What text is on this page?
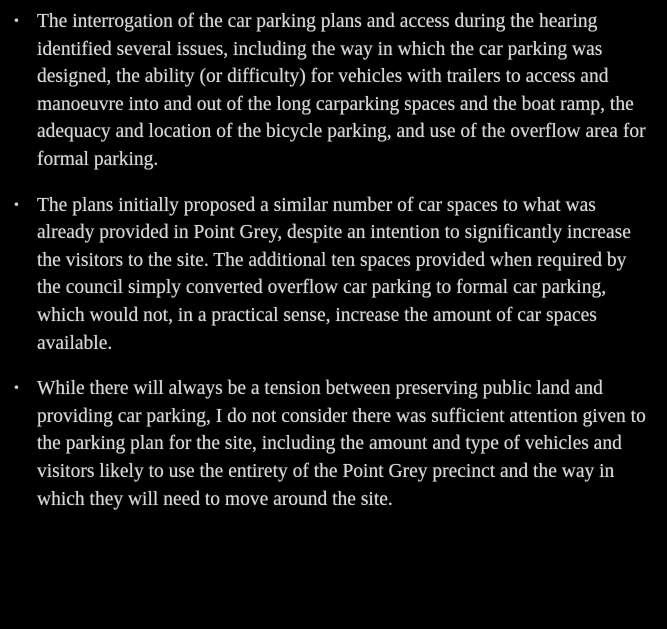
• The interrogation of the car parking plans and access during the hearing identified several issues, including the way in which the car parking was designed, the ability (or difficulty) for vehicles with trailers to access and manoeuvre into and out of the long carparking spaces and the boat ramp, the adequacy and location of the bicycle parking, and use of the overflow area for formal parking.
• The plans initially proposed a similar number of car spaces to what was already provided in Point Grey, despite an intention to significantly increase the visitors to the site. The additional ten spaces provided when required by the council simply converted overflow car parking to formal car parking, which would not, in a practical sense, increase the amount of car spaces available.
• While there will always be a tension between preserving public land and providing car parking, I do not consider there was sufficient attention given to the parking plan for the site, including the amount and type of vehicles and visitors likely to use the entirety of the Point Grey precinct and the way in which they will need to move around the site.
